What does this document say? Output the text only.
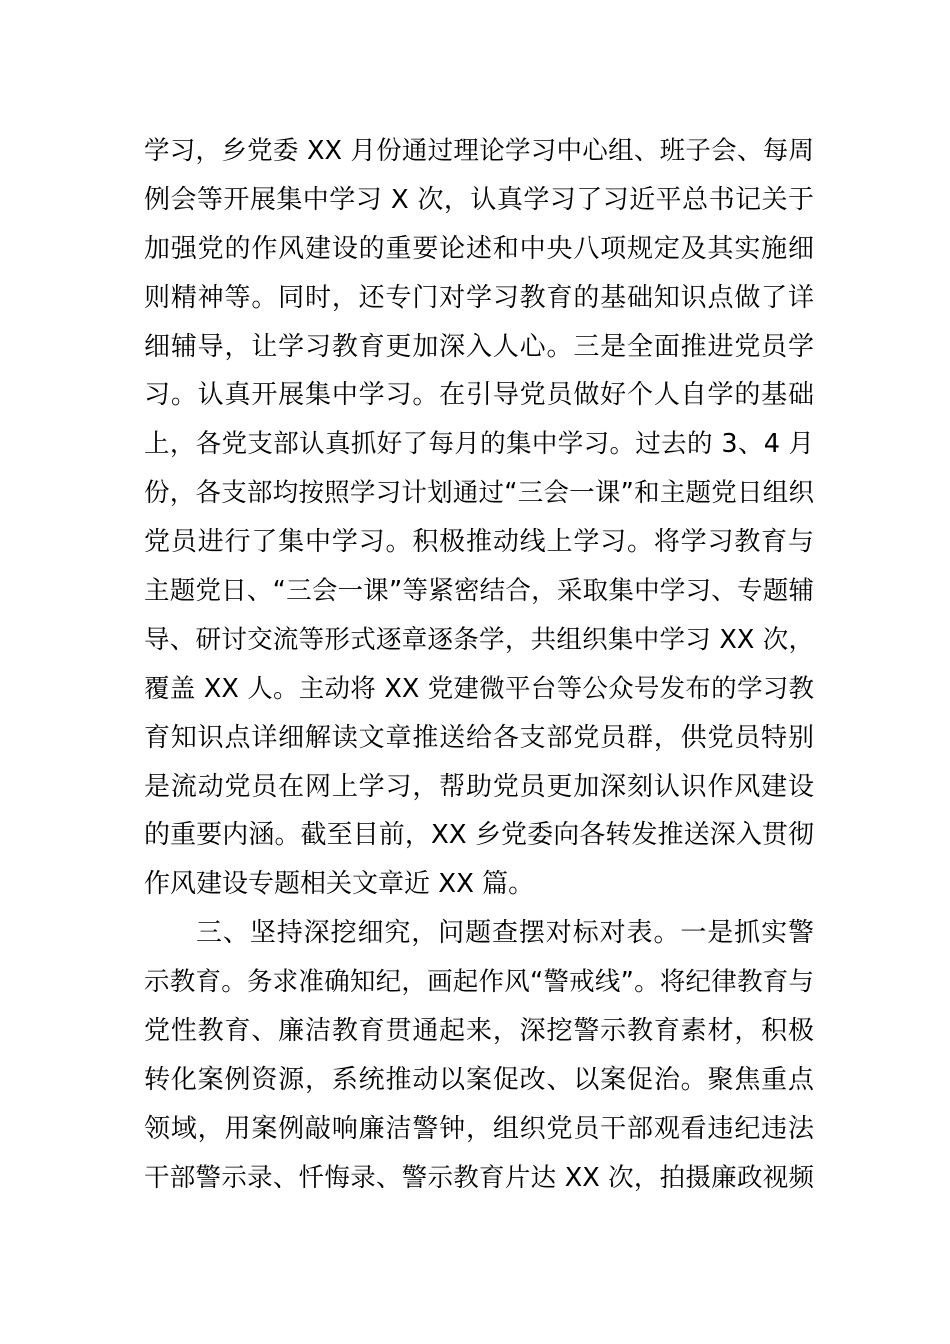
学习，乡党委 XX 月份通过理论学习中心组、班子会、每周
例会等开展集中学习 X 次，认真学习了习近平总书记关于
加强党的作风建设的重要论述和中央八项规定及其实施细
则精神等。同时，还专门对学习教育的基础知识点做了详
细辅导，让学习教育更加深入人心。三是全面推进党员学
习。认真开展集中学习。在引导党员做好个人自学的基础
上，各党支部认真抓好了每月的集中学习。过去的 3、4 月
份，各支部均按照学习计划通过“三会一课”和主题党日组织
党员进行了集中学习。积极推动线上学习。将学习教育与
主题党日、“三会一课”等紧密结合，采取集中学习、专题辅
导、研讨交流等形式逐章逐条学，共组织集中学习 XX 次，
覆盖 XX 人。主动将 XX 党建微平台等公众号发布的学习教
育知识点详细解读文章推送给各支部党员群，供党员特别
是流动党员在网上学习，帮助党员更加深刻认识作风建设
的重要内涵。截至目前，XX 乡党委向各转发推送深入贯彻
作风建设专题相关文章近 XX 篇。
三、坚持深挖细究，问题查摆对标对表。一是抓实警
示教育。务求准确知纪，画起作风“警戒线”。将纪律教育与
党性教育、廉洁教育贯通起来，深挖警示教育素材，积极
转化案例资源，系统推动以案促改、以案促治。聚焦重点
领域，用案例敲响廉洁警钟，组织党员干部观看违纪违法
干部警示录、忏悔录、警示教育片达 XX 次，拍摄廉政视频
